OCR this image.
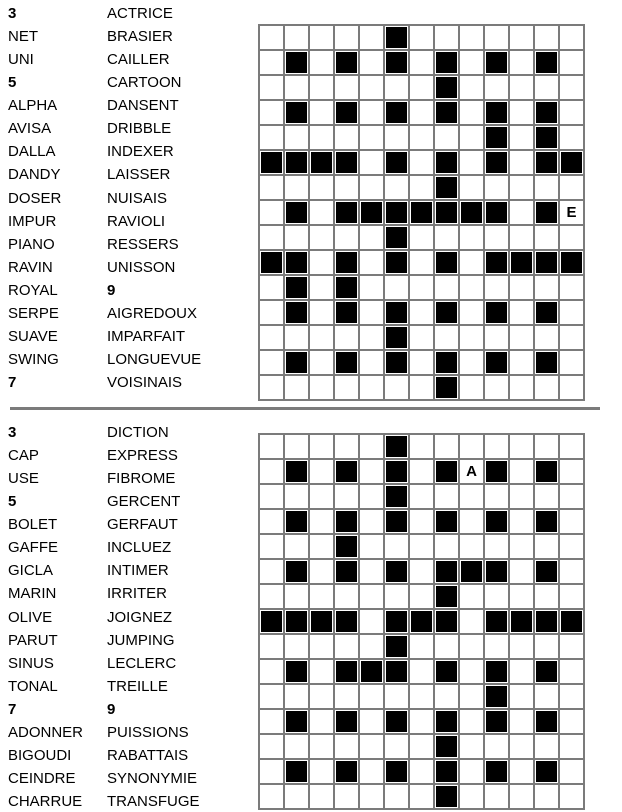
3
NET
UNI
5
ALPHA
AVISA
DALLA
DANDY
DOSER
IMPUR
PIANO
RAVIN
ROYAL
SERPE
SUAVE
SWING
7
ACTRICE
BRASIER
CAILLER
CARTOON
DANSENT
DRIBBLE
INDEXER
LAISSER
NUISAIS
RAVIOLI
RESSERS
UNISSON
9
AIGREDOUX
IMPARFAIT
LONGUEVUE
VOISINAIS
E
3
CAP
USE
5
BOLET
GAFFE
GICLA
MARIN
OLIVE
PARUT
SINUS
TONAL
7
ADONNER
BIGOUDI
CEINDRE
CHARRUE
DICTION
EXPRESS
FIBROME
GERCENT
GERFAUT
INCLUEZ
INTIMER
IRRITER
JOIGNEZ
JUMPING
LECLERC
TREILLE
9
PUISSIONS
RABATTAIS
SYNONYMIE
TRANSFUGE
A
